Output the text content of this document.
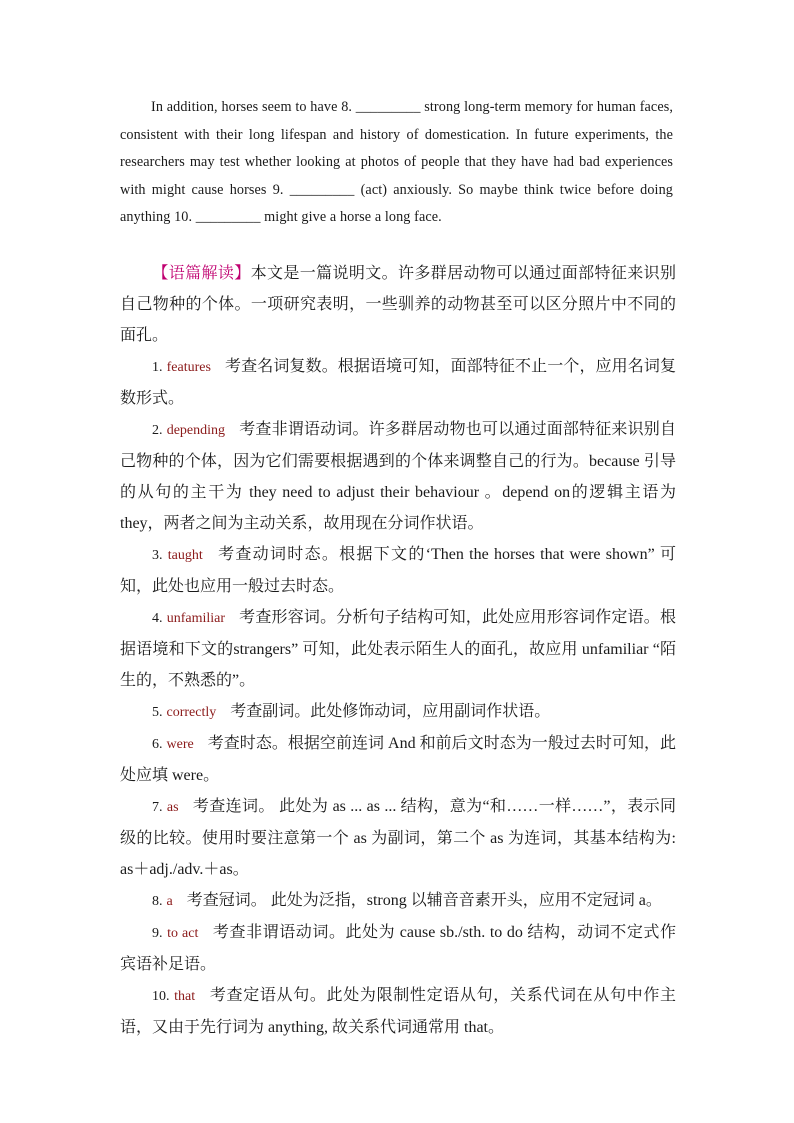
In addition, horses seem to have 8. _________ strong long-term memory for human faces, consistent with their long lifespan and history of domestication. In future experiments, the researchers may test whether looking at photos of people that they have had bad experiences with might cause horses 9. _________ (act) anxiously. So maybe think twice before doing anything 10. _________ might give a horse a long face.

【语篇解读】本文是一篇说明文。许多群居动物可以通过面部特征来识别自己物种的个体。一项研究表明，一些驯养的动物甚至可以区分照片中不同的面孔。

1. features 考查名词复数。根据语境可知，面部特征不止一个，应用名词复数形式。

2. depending 考查非谓语动词。许多群居动物也可以通过面部特征来识别自己物种的个体，因为它们需要根据遇到的个体来调整自己的行为。because 引导的从句的主干为 they need to adjust their behaviour 。depend on的逻辑主语为they，两者之间为主动关系，故用现在分词作状语。

3. taught 考查动词时态。根据下文的‘Then the horses that were shown” 可知，此处也应用一般过去时态。

4. unfamiliar 考查形容词。分析句子结构可知，此处应用形容词作定语。根据语境和下文的strangers” 可知，此处表示陌生人的面孔，故应用 unfamiliar “陌生的，不熟悉的”。

5. correctly 考查副词。此处修饰动词，应用副词作状语。

6. were 考查时态。根据空前连词 And 和前后文时态为一般过去时可知，此处应填 were。

7. as 考查连词。 此处为 as ... as ... 结构，意为“和……一样……”，表示同级的比较。使用时要注意第一个 as 为副词，第二个 as 为连词，其基本结构为: as＋adj./adv.＋as。

8. a 考查冠词。 此处为泛指，strong 以辅音音素开头，应用不定冠词 a。

9. to act 考查非谓语动词。此处为 cause sb./sth. to do 结构，动词不定式作宾语补足语。

10. that 考查定语从句。此处为限制性定语从句，关系代词在从句中作主语，又由于先行词为 anything, 故关系代词通常用 that。
